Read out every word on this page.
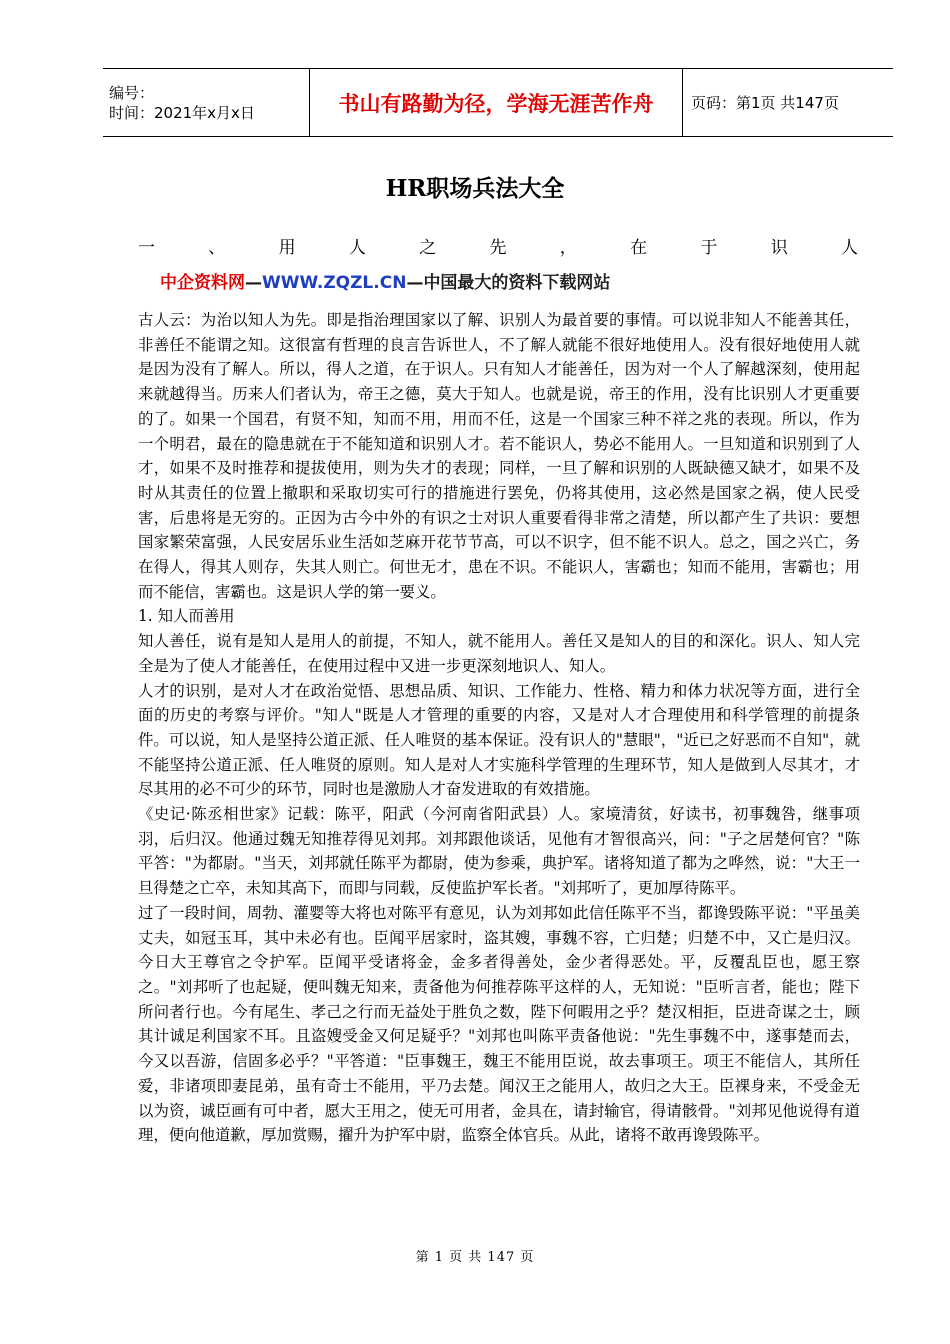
编号：
时间：2021年x月x日	书山有路勤为径，学海无涯苦作舟	页码：第1页 共147页
HR职场兵法大全
一、用人之先，在于识人
中企资料网—WWW.ZQZL.CN—中国最大的资料下载网站

古人云：为治以知人为先。即是指治理国家以了解、识别人为最首要的事情。可以说非知人不能善其任，非善任不能谓之知。这很富有哲理的良言告诉世人，不了解人就能不很好地使用人。没有很好地使用人就是因为没有了解人。所以，得人之道，在于识人。只有知人才能善任，因为对一个人了解越深刻，使用起来就越得当。历来人们者认为，帝王之德，莫大于知人。也就是说，帝王的作用，没有比识别人才更重要的了。如果一个国君，有贤不知，知而不用，用而不任，这是一个国家三种不祥之兆的表现。所以，作为一个明君，最在的隐患就在于不能知道和识别人才。若不能识人，势必不能用人。一旦知道和识别到了人才，如果不及时推荐和提拔使用，则为失才的表现；同样，一旦了解和识别的人既缺德又缺才，如果不及时从其责任的位置上撤职和采取切实可行的措施进行罢免，仍将其使用，这必然是国家之祸，使人民受害，后患将是无穷的。正因为古今中外的有识之士对识人重要看得非常之清楚，所以都产生了共识：要想国家繁荣富强，人民安居乐业生活如芝麻开花节节高，可以不识字，但不能不识人。总之，国之兴亡，务在得人，得其人则存，失其人则亡。何世无才，患在不识。不能识人，害霸也；知而不能用，害霸也；用而不能信，害霸也。这是识人学的第一要义。

1. 知人而善用

知人善任，说有是知人是用人的前提，不知人，就不能用人。善任又是知人的目的和深化。识人、知人完全是为了使人才能善任，在使用过程中又进一步更深刻地识人、知人。

人才的识别，是对人才在政治觉悟、思想品质、知识、工作能力、性格、精力和体力状况等方面，进行全面的历史的考察与评价。"知人"既是人才管理的重要的内容，又是对人才合理使用和科学管理的前提条件。可以说，知人是坚持公道正派、任人唯贤的基本保证。没有识人的"慧眼"，"近已之好恶而不自知"，就不能坚持公道正派、任人唯贤的原则。知人是对人才实施科学管理的生理环节，知人是做到人尽其才，才尽其用的必不可少的环节，同时也是激励人才奋发进取的有效措施。

《史记·陈丞相世家》记载：陈平，阳武（今河南省阳武县）人。家境清贫，好读书，初事魏咎，继事项羽，后归汉。他通过魏无知推荐得见刘邦。刘邦跟他谈话，见他有才智很高兴，问："子之居楚何官？"陈平答："为都尉。"当天，刘邦就任陈平为都尉，使为参乘，典护军。诸将知道了都为之哗然，说："大王一旦得楚之亡卒，未知其高下，而即与同载，反使监护军长者。"刘邦听了，更加厚待陈平。

过了一段时间，周勃、灌婴等大将也对陈平有意见，认为刘邦如此信任陈平不当，都谗毁陈平说："平虽美丈夫，如冠玉耳，其中未必有也。臣闻平居家时，盗其嫂，事魏不容，亡归楚；归楚不中，又亡是归汉。今日大王尊官之令护军。臣闻平受诸将金，金多者得善处，金少者得恶处。平，反覆乱臣也，愿王察之。"刘邦听了也起疑，便叫魏无知来，责备他为何推荐陈平这样的人，无知说："臣听言者，能也；陛下所问者行也。今有尾生、孝己之行而无益处于胜负之数，陛下何暇用之乎？楚汉相拒，臣进奇谋之士，顾其计诚足利国家不耳。且盗嫂受金又何足疑乎？"刘邦也叫陈平责备他说："先生事魏不中，遂事楚而去，今又以吾游，信固多必乎？"平答道："臣事魏王，魏王不能用臣说，故去事项王。项王不能信人，其所任爱，非诸项即妻昆弟，虽有奇士不能用，平乃去楚。闻汉王之能用人，故归之大王。臣裸身来，不受金无以为资，诚臣画有可中者，愿大王用之，使无可用者，金具在，请封输官，得请骸骨。"刘邦见他说得有道理，便向他道歉，厚加赏赐，擢升为护军中尉，监察全体官兵。从此，诸将不敢再谗毁陈平。

第 1 页 共 147 页
